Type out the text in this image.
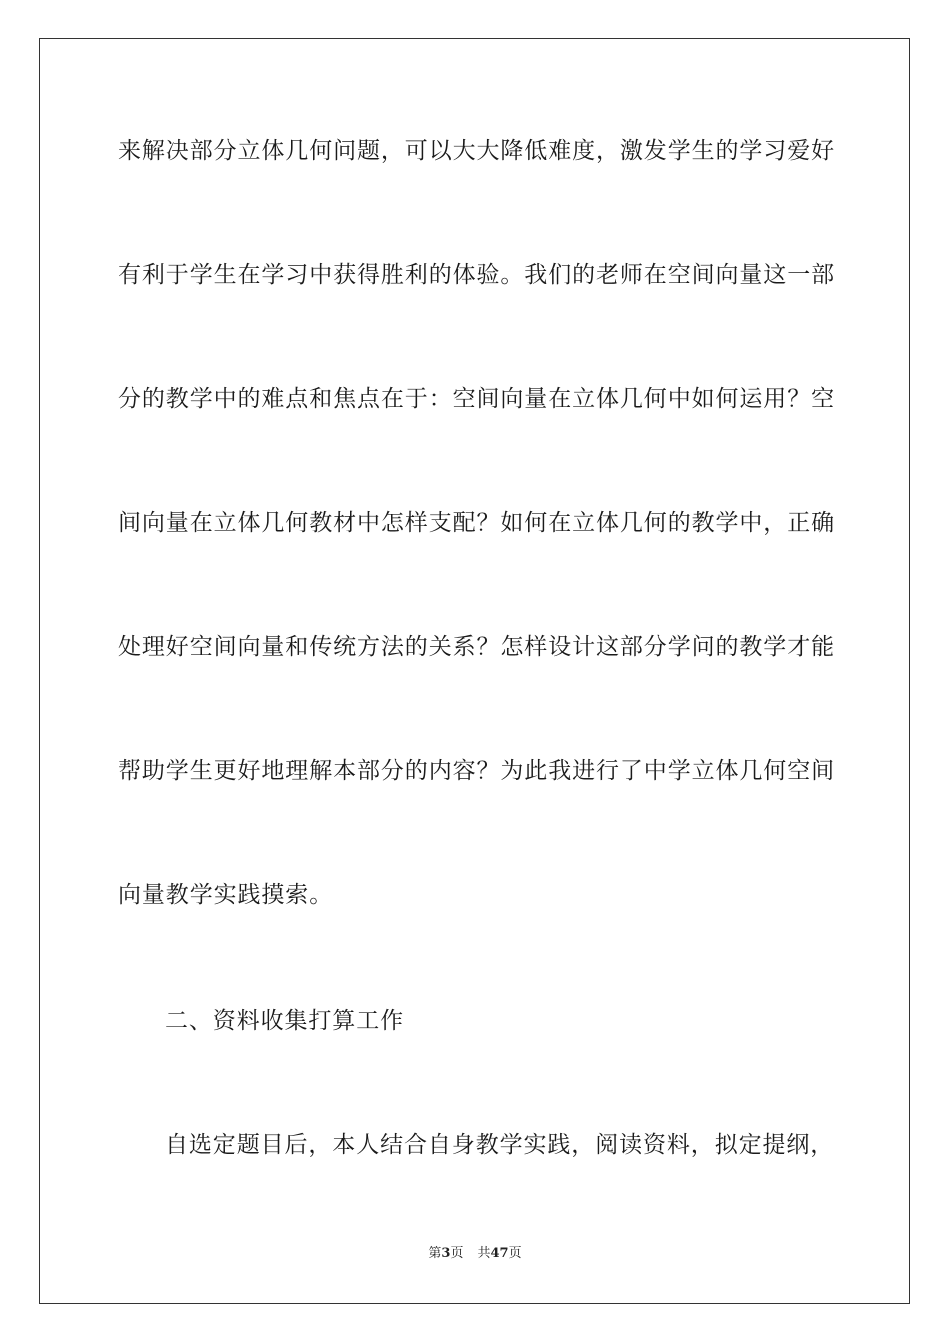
来解决部分立体几何问题，可以大大降低难度，激发学生的学习爱好
有利于学生在学习中获得胜利的体验。我们的老师在空间向量这一部
分的教学中的难点和焦点在于：空间向量在立体几何中如何运用？空
间向量在立体几何教材中怎样支配？如何在立体几何的教学中，正确
处理好空间向量和传统方法的关系？怎样设计这部分学问的教学才能
帮助学生更好地理解本部分的内容？为此我进行了中学立体几何空间
向量教学实践摸索。
二、资料收集打算工作
自选定题目后，本人结合自身教学实践，阅读资料，拟定提纲，
第3页 共47页
